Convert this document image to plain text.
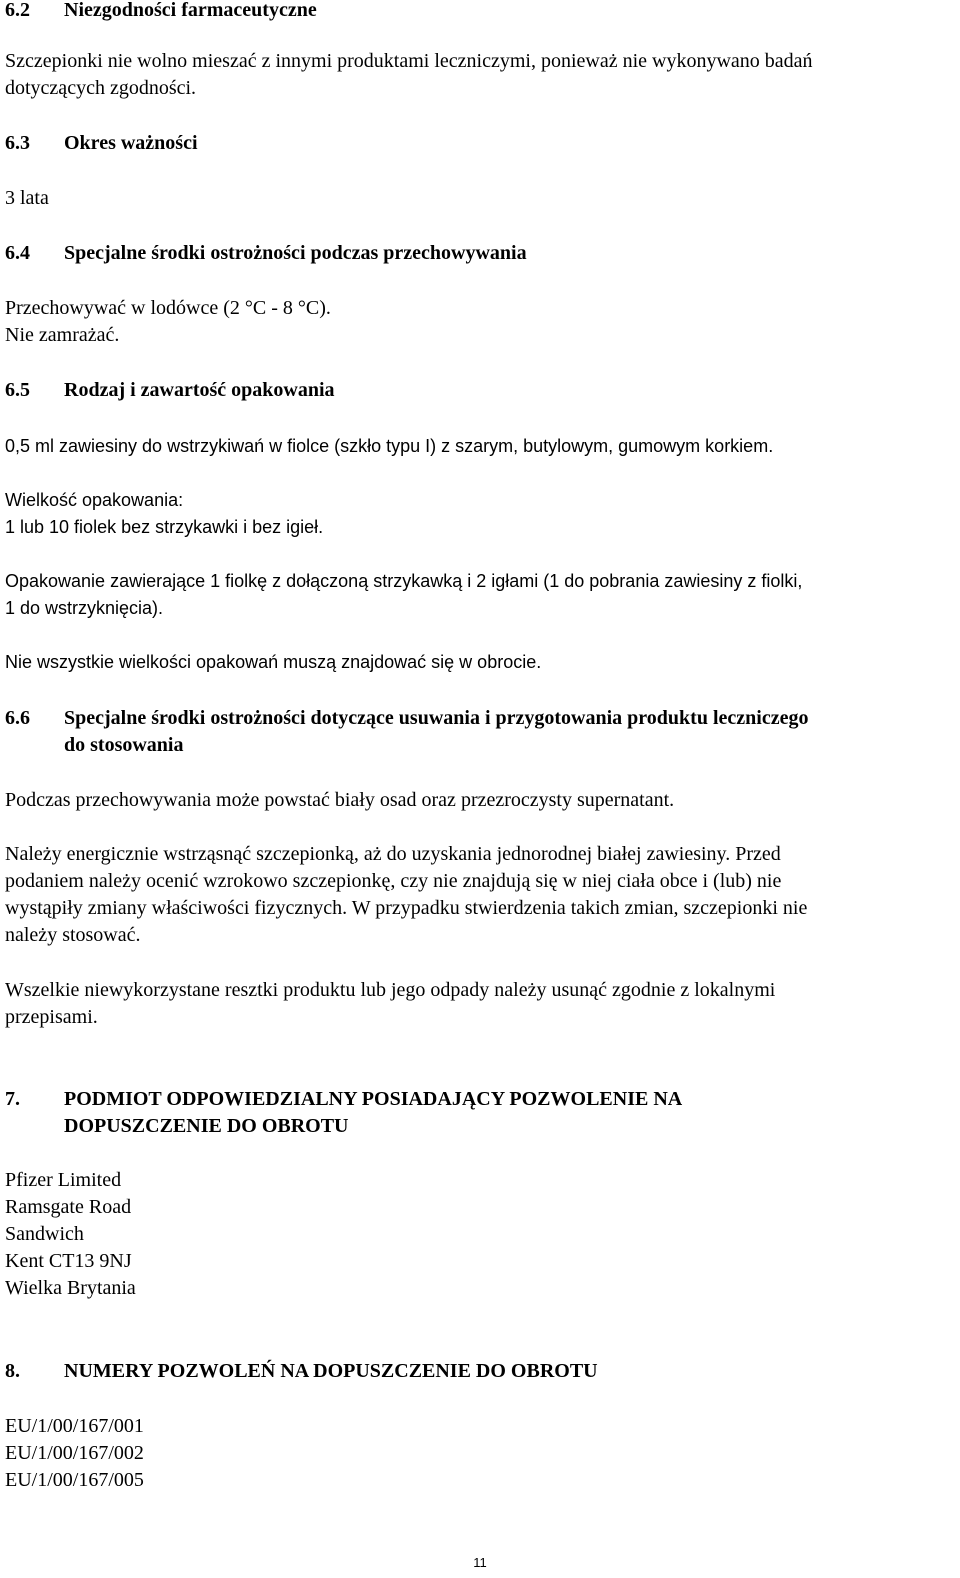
6.2 Niezgodności farmaceutyczne
Szczepionki nie wolno mieszać z innymi produktami leczniczymi, ponieważ nie wykonywano badań
dotyczących zgodności.
6.3 Okres ważności
3 lata
6.4 Specjalne środki ostrożności podczas przechowywania
Przechowywać w lodówce (2 °C - 8 °C).
Nie zamrażać.
6.5 Rodzaj i zawartość opakowania
0,5 ml zawiesiny do wstrzykiwań w fiolce (szkło typu I) z szarym, butylowym, gumowym korkiem.
Wielkość opakowania:
1 lub 10 fiolek bez strzykawki i bez igieł.
Opakowanie zawierające 1 fiolkę z dołączoną strzykawką i 2 igłami (1 do pobrania zawiesiny z fiolki,
1 do wstrzyknięcia).
Nie wszystkie wielkości opakowań muszą znajdować się w obrocie.
6.6 Specjalne środki ostrożności dotyczące usuwania i przygotowania produktu leczniczego
do stosowania
Podczas przechowywania może powstać biały osad oraz przezroczysty supernatant.
Należy energicznie wstrząsnąć szczepionką, aż do uzyskania jednorodnej białej zawiesiny. Przed
podaniem należy ocenić wzrokowo szczepionkę, czy nie znajdują się w niej ciała obce i (lub) nie
wystąpiły zmiany właściwości fizycznych. W przypadku stwierdzenia takich zmian, szczepionki nie
należy stosować.
Wszelkie niewykorzystane resztki produktu lub jego odpady należy usunąć zgodnie z lokalnymi
przepisami.
7. PODMIOT ODPOWIEDZIALNY POSIADAJĄCY POZWOLENIE NA
DOPUSZCZENIE DO OBROTU
Pfizer Limited
Ramsgate Road
Sandwich
Kent CT13 9NJ
Wielka Brytania
8. NUMERY POZWOLEŃ NA DOPUSZCZENIE DO OBROTU
EU/1/00/167/001
EU/1/00/167/002
EU/1/00/167/005
11
